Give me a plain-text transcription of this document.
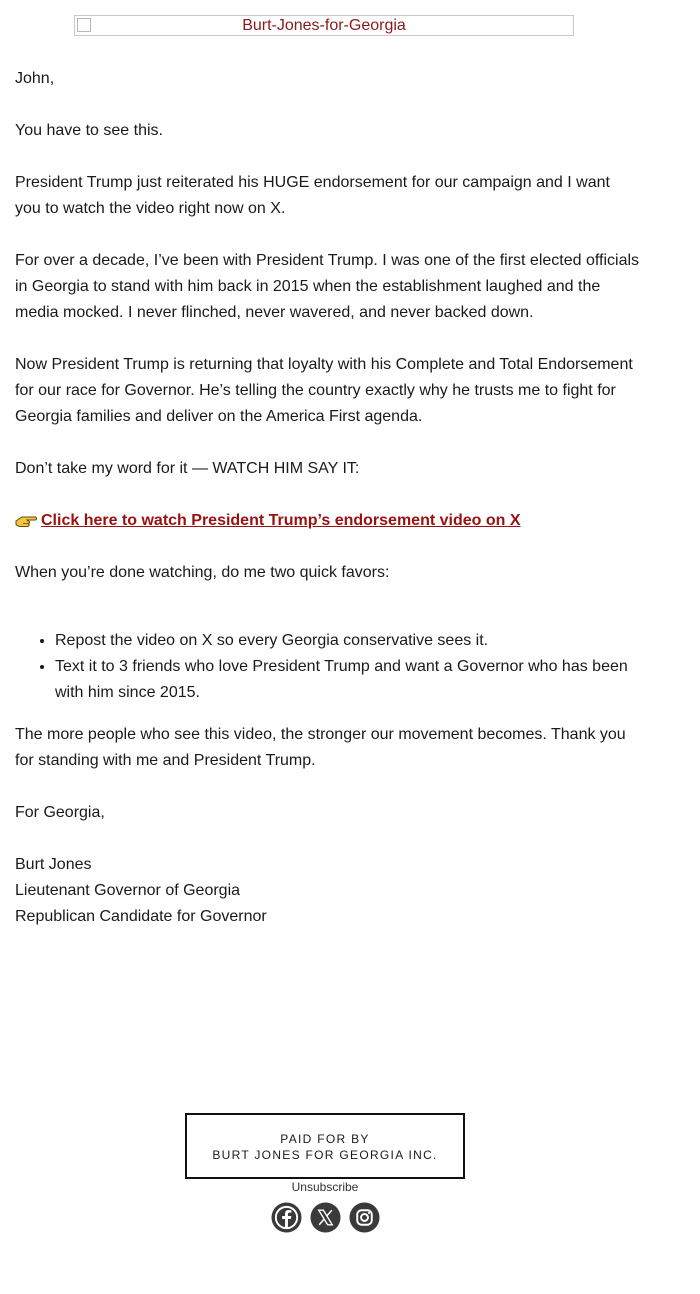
Burt-Jones-for-Georgia

John,

You have to see this.

President Trump just reiterated his HUGE endorsement for our campaign and I want you to watch the video right now on X.

For over a decade, I’ve been with President Trump. I was one of the first elected officials in Georgia to stand with him back in 2015 when the establishment laughed and the media mocked. I never flinched, never wavered, and never backed down.

Now President Trump is returning that loyalty with his Complete and Total Endorsement for our race for Governor. He’s telling the country exactly why he trusts me to fight for Georgia families and deliver on the America First agenda.

Don’t take my word for it — WATCH HIM SAY IT:

Click here to watch President Trump’s endorsement video on X

When you’re done watching, do me two quick favors:

• Repost the video on X so every Georgia conservative sees it.
• Text it to 3 friends who love President Trump and want a Governor who has been with him since 2015.

The more people who see this video, the stronger our movement becomes. Thank you for standing with me and President Trump.

For Georgia,

Burt Jones

Lieutenant Governor of Georgia

Republican Candidate for Governor

PAID FOR BY
BURT JONES FOR GEORGIA INC.
Unsubscribe
